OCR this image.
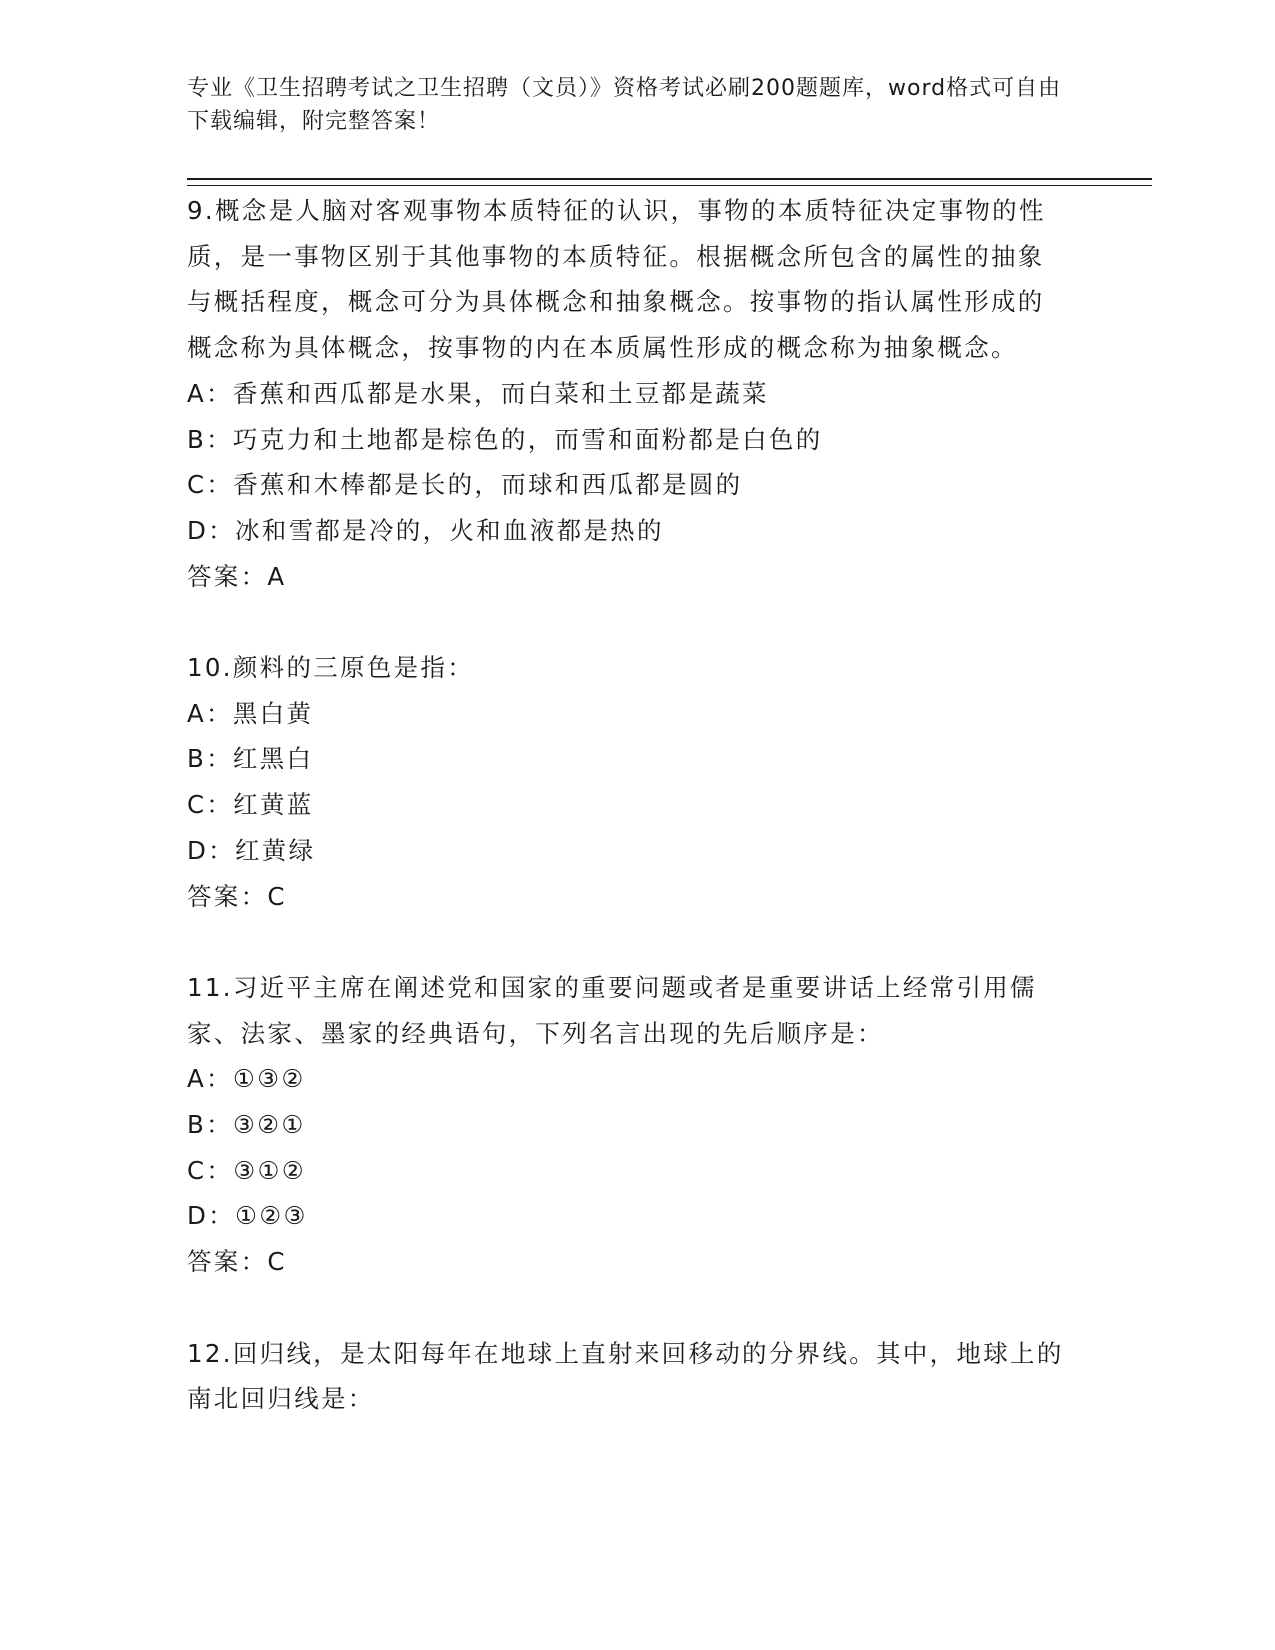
专业《卫生招聘考试之卫生招聘（文员）》资格考试必刷200题题库，word格式可自由下载编辑，附完整答案！

9.概念是人脑对客观事物本质特征的认识，事物的本质特征决定事物的性质，是一事物区别于其他事物的本质特征。根据概念所包含的属性的抽象与概括程度，概念可分为具体概念和抽象概念。按事物的指认属性形成的概念称为具体概念，按事物的内在本质属性形成的概念称为抽象概念。

A：香蕉和西瓜都是水果，而白菜和土豆都是蔬菜

B：巧克力和土地都是棕色的，而雪和面粉都是白色的

C：香蕉和木棒都是长的，而球和西瓜都是圆的

D：冰和雪都是冷的，火和血液都是热的

答案：A

10.颜料的三原色是指：

A：黑白黄

B：红黑白

C：红黄蓝

D：红黄绿

答案：C

11.习近平主席在阐述党和国家的重要问题或者是重要讲话上经常引用儒家、法家、墨家的经典语句，下列名言出现的先后顺序是：

A：①③②

B：③②①

C：③①②

D：①②③

答案：C

12.回归线，是太阳每年在地球上直射来回移动的分界线。其中，地球上的南北回归线是：
